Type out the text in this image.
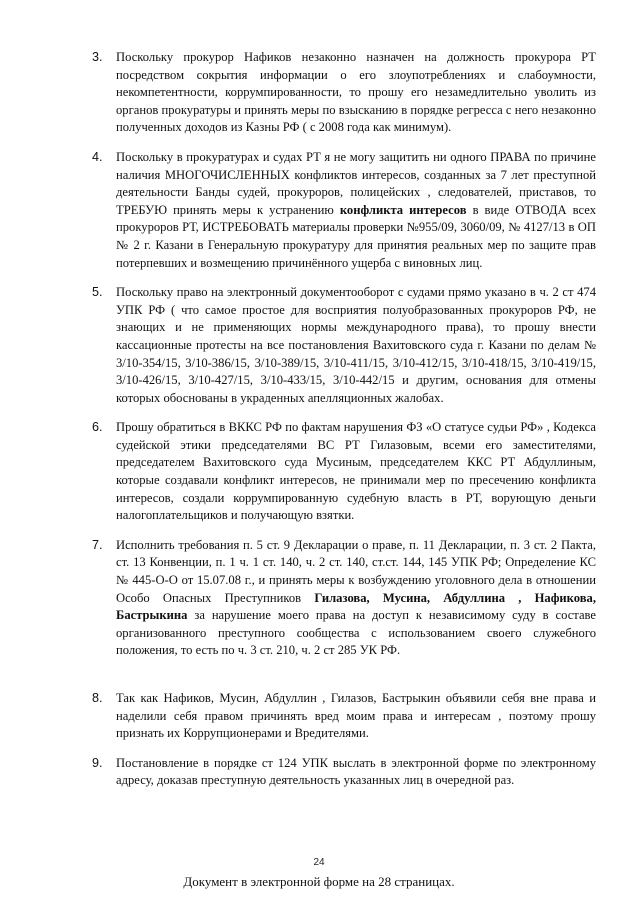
3. Поскольку прокурор Нафиков незаконно назначен на должность прокурора РТ посредством сокрытия информации о его злоупотреблениях и слабоумности, некомпетентности, коррумпированности, то прошу его незамедлительно уволить из органов прокуратуры и принять меры по взысканию в порядке регресса с него незаконно полученных доходов из Казны РФ ( с 2008 года как минимум).
4. Поскольку в прокуратурах и судах РТ я не могу защитить ни одного ПРАВА по причине наличия МНОГОЧИСЛЕННЫХ конфликтов интересов, созданных за 7 лет преступной деятельности Банды судей, прокуроров, полицейских , следователей, приставов, то ТРЕБУЮ принять меры к устранению конфликта интересов в виде ОТВОДА всех прокуроров РТ, ИСТРЕБОВАТЬ материалы проверки №955/09, 3060/09, № 4127/13 в ОП № 2 г. Казани в Генеральную прокуратуру для принятия реальных мер по защите прав потерпевших и возмещению причинённого ущерба с виновных лиц.
5. Поскольку право на электронный документооборот с судами прямо указано в ч. 2 ст 474 УПК РФ ( что самое простое для восприятия полуобразованных прокуроров РФ, не знающих и не применяющих нормы международного права), то прошу внести кассационные протесты на все постановления Вахитовского суда г. Казани по делам № 3/10-354/15, 3/10-386/15, 3/10-389/15, 3/10-411/15, 3/10-412/15, 3/10-418/15, 3/10-419/15, 3/10-426/15, 3/10-427/15, 3/10-433/15, 3/10-442/15 и другим, основания для отмены которых обоснованы в украденных апелляционных жалобах.
6. Прошу обратиться в ВККС РФ по фактам нарушения ФЗ «О статусе судьи РФ» , Кодекса судейской этики председателями ВС РТ Гилазовым, всеми его заместителями, председателем Вахитовского суда Мусиным, председателем ККС РТ Абдуллиным, которые создавали конфликт интересов, не принимали мер по пресечению конфликта интересов, создали коррумпированную судебную власть в РТ, ворующую деньги налогоплательщиков и получающую взятки.
7. Исполнить требования п. 5 ст. 9 Декларации о праве, п. 11 Декларации, п. 3 ст. 2 Пакта, ст. 13 Конвенции, п. 1 ч. 1 ст. 140, ч. 2 ст. 140, ст.ст. 144, 145 УПК РФ; Определение КС № 445-О-О от 15.07.08 г., и принять меры к возбуждению уголовного дела в отношении Особо Опасных Преступников Гилазова, Мусина, Абдуллина , Нафикова, Бастрыкина за нарушение моего права на доступ к независимому суду в составе организованного преступного сообщества с использованием своего служебного положения, то есть по ч. 3 ст. 210, ч. 2 ст 285 УК РФ.
8. Так как Нафиков, Мусин, Абдуллин , Гилазов, Бастрыкин объявили себя вне права и наделили себя правом причинять вред моим права и интересам , поэтому прошу признать их Коррупционерами и Вредителями.
9. Постановление в порядке ст 124 УПК выслать в электронной форме по электронному адресу, доказав преступную деятельность указанных лиц в очередной раз.
24
Документ в электронной форме на 28 страницах.
